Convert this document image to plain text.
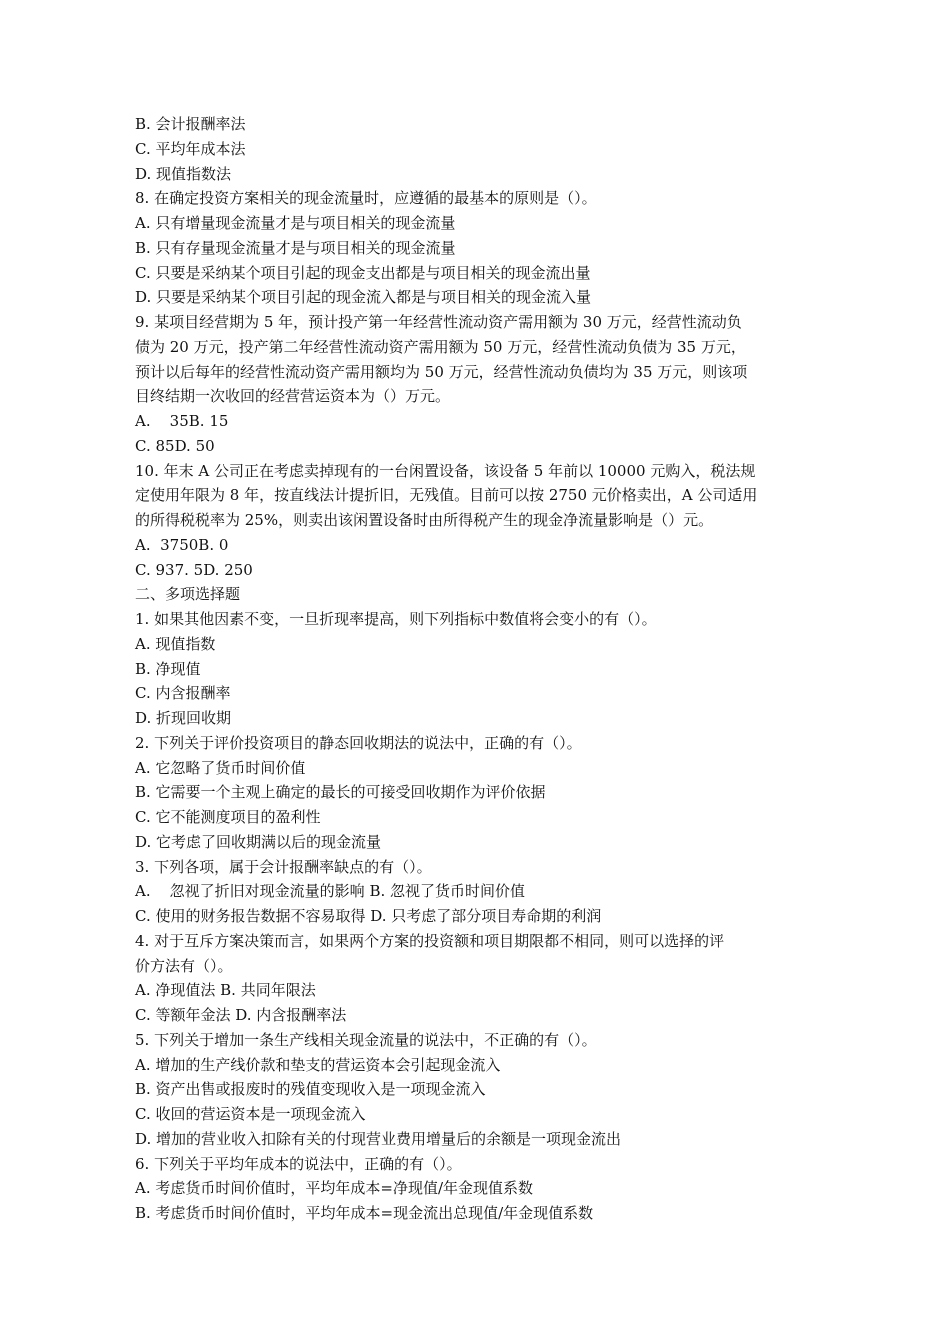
B. 会计报酬率法
C. 平均年成本法
D. 现值指数法
8. 在确定投资方案相关的现金流量时，应遵循的最基本的原则是（）。
A. 只有增量现金流量才是与项目相关的现金流量
B. 只有存量现金流量才是与项目相关的现金流量
C. 只要是采纳某个项目引起的现金支出都是与项目相关的现金流出量
D. 只要是采纳某个项目引起的现金流入都是与项目相关的现金流入量
9. 某项目经营期为 5 年，预计投产第一年经营性流动资产需用额为 30 万元，经营性流动负
债为 20 万元，投产第二年经营性流动资产需用额为 50 万元，经营性流动负债为 35 万元，
预计以后每年的经营性流动资产需用额均为 50 万元，经营性流动负债均为 35 万元，则该项
目终结期一次收回的经营营运资本为（）万元。
A.    35B. 15
C. 85D. 50
10. 年末 A 公司正在考虑卖掉现有的一台闲置设备，该设备 5 年前以 10000 元购入，税法规
定使用年限为 8 年，按直线法计提折旧，无残值。目前可以按 2750 元价格卖出，A 公司适用
的所得税税率为 25%，则卖出该闲置设备时由所得税产生的现金净流量影响是（）元。
A.  3750B. 0
C. 937. 5D. 250
二、多项选择题
1. 如果其他因素不变，一旦折现率提高，则下列指标中数值将会变小的有（）。
A. 现值指数
B. 净现值
C. 内含报酬率
D. 折现回收期
2. 下列关于评价投资项目的静态回收期法的说法中，正确的有（）。
A. 它忽略了货币时间价值
B. 它需要一个主观上确定的最长的可接受回收期作为评价依据
C. 它不能测度项目的盈利性
D. 它考虑了回收期满以后的现金流量
3. 下列各项，属于会计报酬率缺点的有（）。
A.    忽视了折旧对现金流量的影响 B. 忽视了货币时间价值
C. 使用的财务报告数据不容易取得 D. 只考虑了部分项目寿命期的利润
4. 对于互斥方案决策而言，如果两个方案的投资额和项目期限都不相同，则可以选择的评
价方法有（）。
A. 净现值法 B. 共同年限法
C. 等额年金法 D. 内含报酬率法
5. 下列关于增加一条生产线相关现金流量的说法中，不正确的有（）。
A. 增加的生产线价款和垫支的营运资本会引起现金流入
B. 资产出售或报废时的残值变现收入是一项现金流入
C. 收回的营运资本是一项现金流入
D. 增加的营业收入扣除有关的付现营业费用增量后的余额是一项现金流出
6. 下列关于平均年成本的说法中，正确的有（）。
A. 考虑货币时间价值时，平均年成本=净现值/年金现值系数
B. 考虑货币时间价值时，平均年成本=现金流出总现值/年金现值系数
